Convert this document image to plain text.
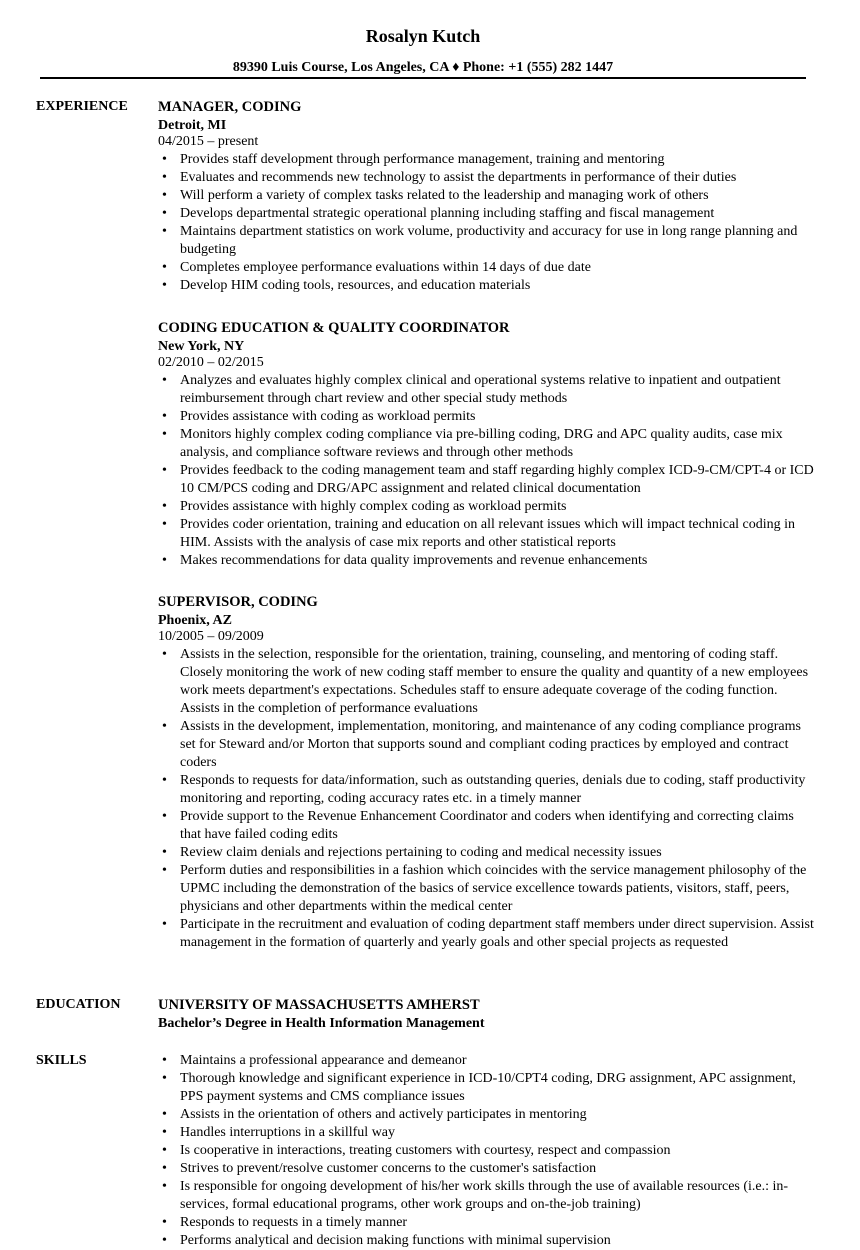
Rosalyn Kutch
89390 Luis Course, Los Angeles, CA ♦ Phone: +1 (555) 282 1447
EXPERIENCE MANAGER, CODING
Detroit, MI
04/2015 – present
• Provides staff development through performance management, training and mentoring
• Evaluates and recommends new technology to assist the departments in performance of their duties
• Will perform a variety of complex tasks related to the leadership and managing work of others
• Develops departmental strategic operational planning including staffing and fiscal management
• Maintains department statistics on work volume, productivity and accuracy for use in long range planning and budgeting
• Completes employee performance evaluations within 14 days of due date
• Develop HIM coding tools, resources, and education materials
CODING EDUCATION & QUALITY COORDINATOR
New York, NY
02/2010 – 02/2015
• Analyzes and evaluates highly complex clinical and operational systems relative to inpatient and outpatient reimbursement through chart review and other special study methods
• Provides assistance with coding as workload permits
• Monitors highly complex coding compliance via pre-billing coding, DRG and APC quality audits, case mix analysis, and compliance software reviews and through other methods
• Provides feedback to the coding management team and staff regarding highly complex ICD-9-CM/CPT-4 or ICD 10 CM/PCS coding and DRG/APC assignment and related clinical documentation
• Provides assistance with highly complex coding as workload permits
• Provides coder orientation, training and education on all relevant issues which will impact technical coding in HIM. Assists with the analysis of case mix reports and other statistical reports
• Makes recommendations for data quality improvements and revenue enhancements
SUPERVISOR, CODING
Phoenix, AZ
10/2005 – 09/2009
• Assists in the selection, responsible for the orientation, training, counseling, and mentoring of coding staff. Closely monitoring the work of new coding staff member to ensure the quality and quantity of a new employees work meets department's expectations. Schedules staff to ensure adequate coverage of the coding function. Assists in the completion of performance evaluations
• Assists in the development, implementation, monitoring, and maintenance of any coding compliance programs set for Steward and/or Morton that supports sound and compliant coding practices by employed and contract coders
• Responds to requests for data/information, such as outstanding queries, denials due to coding, staff productivity monitoring and reporting, coding accuracy rates etc. in a timely manner
• Provide support to the Revenue Enhancement Coordinator and coders when identifying and correcting claims that have failed coding edits
• Review claim denials and rejections pertaining to coding and medical necessity issues
• Perform duties and responsibilities in a fashion which coincides with the service management philosophy of the UPMC including the demonstration of the basics of service excellence towards patients, visitors, staff, peers, physicians and other departments within the medical center
• Participate in the recruitment and evaluation of coding department staff members under direct supervision. Assist management in the formation of quarterly and yearly goals and other special projects as requested
EDUCATION	UNIVERSITY OF MASSACHUSETTS AMHERST
Bachelor’s Degree in Health Information Management
SKILLS
•	Maintains a professional appearance and demeanor
• Thorough knowledge and significant experience in ICD-10/CPT4 coding, DRG assignment, APC assignment, PPS payment systems and CMS compliance issues
• Assists in the orientation of others and actively participates in mentoring
• Handles interruptions in a skillful way
• Is cooperative in interactions, treating customers with courtesy, respect and compassion
• Strives to prevent/resolve customer concerns to the customer's satisfaction
• Is responsible for ongoing development of his/her work skills through the use of available resources (i.e.: in-services, formal educational programs, other work groups and on-the-job training)
• Responds to requests in a timely manner
• Performs analytical and decision making functions with minimal supervision
